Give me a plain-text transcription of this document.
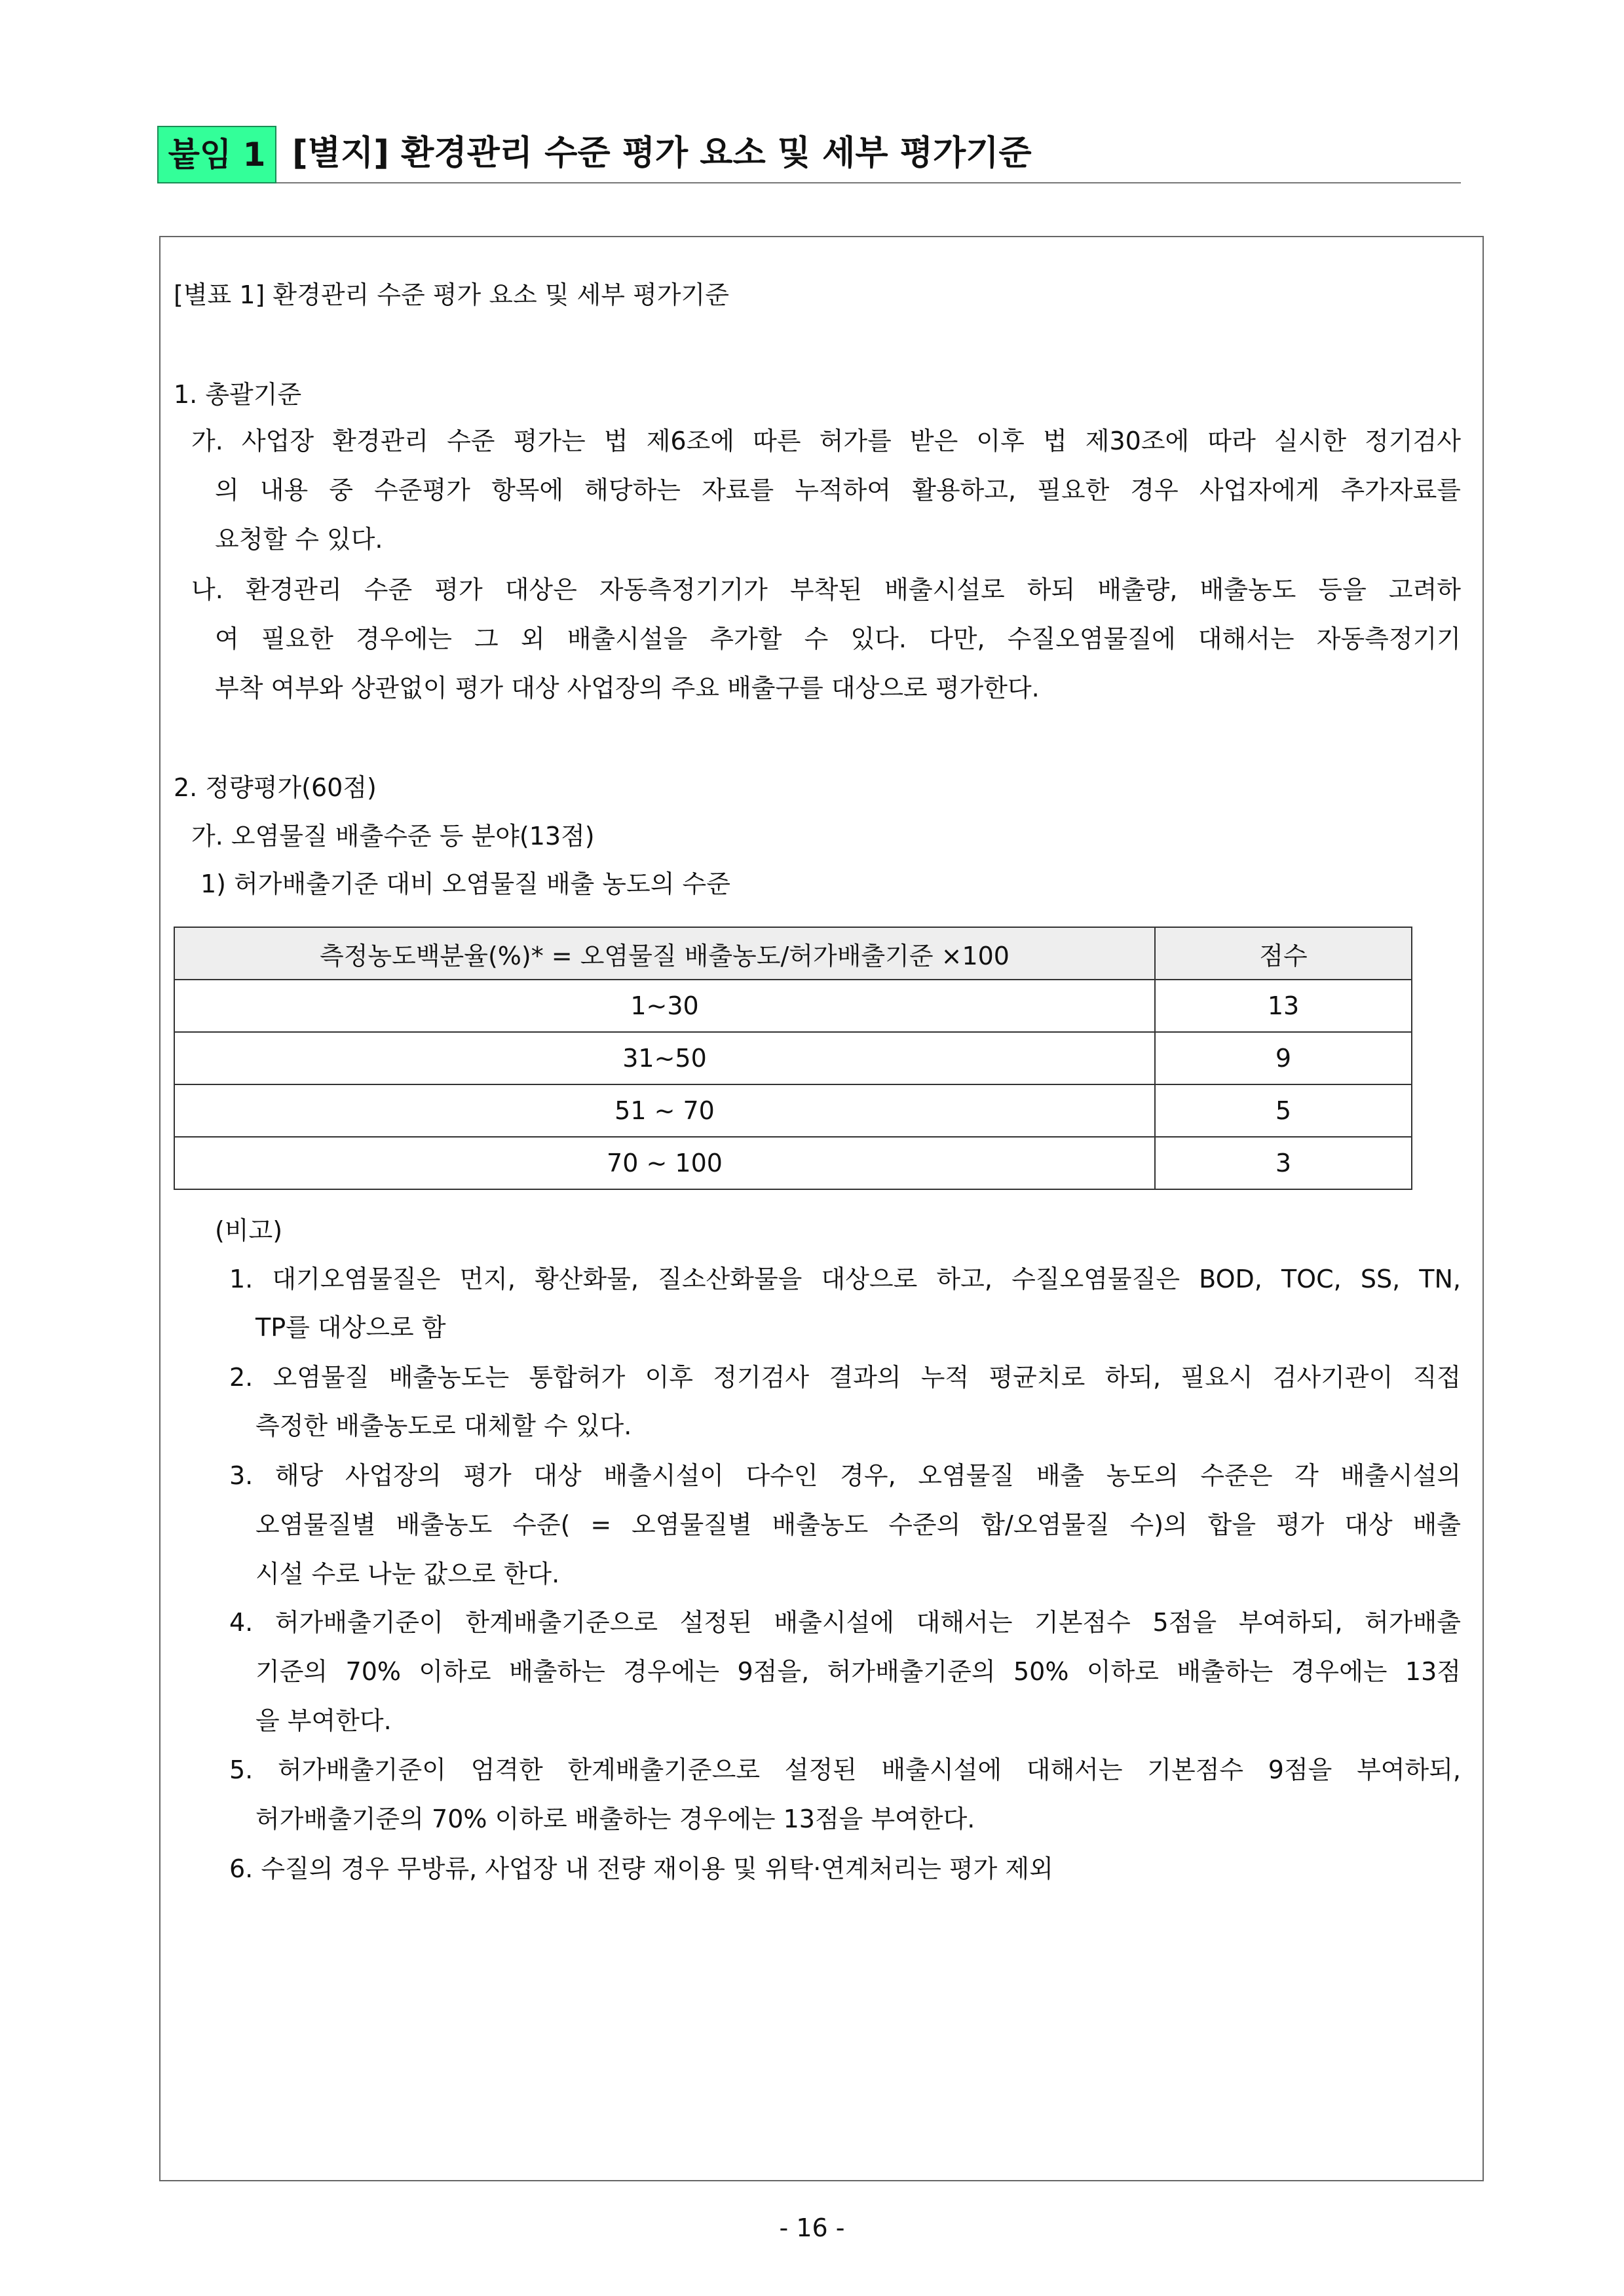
붙임 1 [별지] 환경관리 수준 평가 요소 및 세부 평가기준
[별표 1] 환경관리 수준 평가 요소 및 세부 평가기준
1. 총괄기준
가. 사업장 환경관리 수준 평가는 법 제6조에 따른 허가를 받은 이후 법 제30조에 따라 실시한 정기검사
의 내용 중 수준평가 항목에 해당하는 자료를 누적하여 활용하고, 필요한 경우 사업자에게 추가자료를
요청할 수 있다.
나. 환경관리 수준 평가 대상은 자동측정기기가 부착된 배출시설로 하되 배출량, 배출농도 등을 고려하
여 필요한 경우에는 그 외 배출시설을 추가할 수 있다. 다만, 수질오염물질에 대해서는 자동측정기기
부착 여부와 상관없이 평가 대상 사업장의 주요 배출구를 대상으로 평가한다.
2. 정량평가(60점)
가. 오염물질 배출수준 등 분야(13점)
1) 허가배출기준 대비 오염물질 배출 농도의 수준
측정농도백분율(%)* = 오염물질 배출농도/허가배출기준 ×100	점수
1~30	13
31~50	9
51 ~ 70	5
70 ~ 100	3
(비고)
1. 대기오염물질은 먼지, 황산화물, 질소산화물을 대상으로 하고, 수질오염물질은 BOD, TOC, SS, TN,
TP를 대상으로 함
2. 오염물질 배출농도는 통합허가 이후 정기검사 결과의 누적 평균치로 하되, 필요시 검사기관이 직접
측정한 배출농도로 대체할 수 있다.
3. 해당 사업장의 평가 대상 배출시설이 다수인 경우, 오염물질 배출 농도의 수준은 각 배출시설의
오염물질별 배출농도 수준( = 오염물질별 배출농도 수준의 합/오염물질 수)의 합을 평가 대상 배출
시설 수로 나눈 값으로 한다.
4. 허가배출기준이 한계배출기준으로 설정된 배출시설에 대해서는 기본점수 5점을 부여하되, 허가배출
기준의 70% 이하로 배출하는 경우에는 9점을, 허가배출기준의 50% 이하로 배출하는 경우에는 13점
을 부여한다.
5. 허가배출기준이 엄격한 한계배출기준으로 설정된 배출시설에 대해서는 기본점수 9점을 부여하되,
허가배출기준의 70% 이하로 배출하는 경우에는 13점을 부여한다.
6. 수질의 경우 무방류, 사업장 내 전량 재이용 및 위탁·연계처리는 평가 제외
- 16 -
